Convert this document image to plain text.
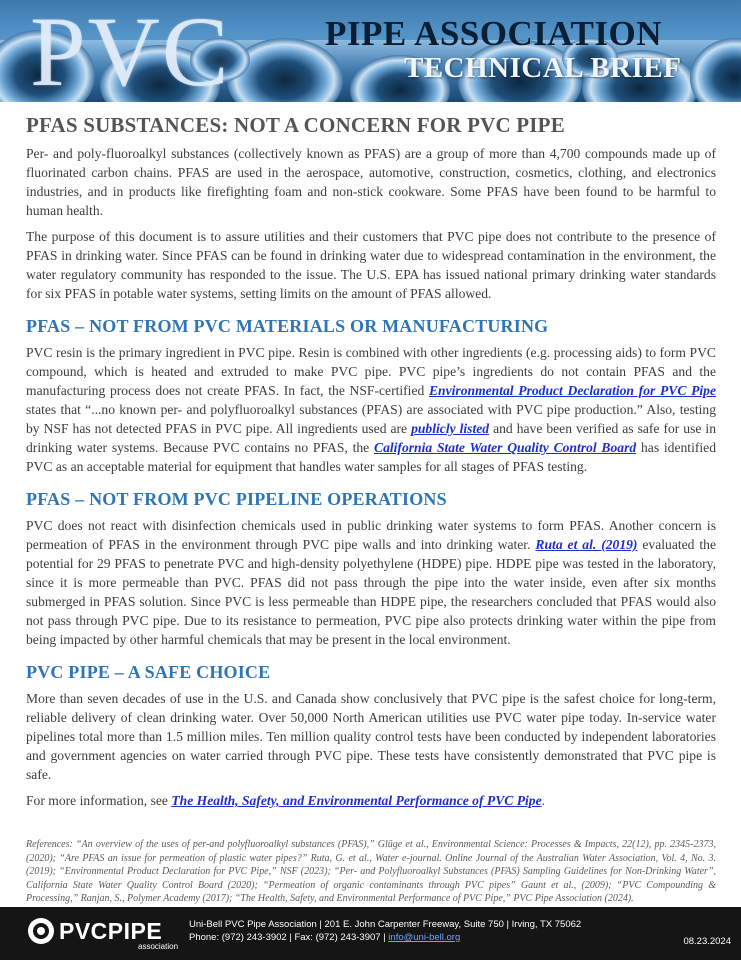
PVC	PIPE ASSOCIATION
TECHNICAL BRIEF
PFAS SUBSTANCES: NOT A CONCERN FOR PVC PIPE

Per- and poly-fluoroalkyl substances (collectively known as PFAS) are a group of more than 4,700 compounds made up of fluorinated carbon chains. PFAS are used in the aerospace, automotive, construction, cosmetics, clothing, and electronics industries, and in products like firefighting foam and non-stick cookware. Some PFAS have been found to be harmful to human health.

The purpose of this document is to assure utilities and their customers that PVC pipe does not contribute to the presence of PFAS in drinking water. Since PFAS can be found in drinking water due to widespread contamination in the environment, the water regulatory community has responded to the issue. The U.S. EPA has issued national primary drinking water standards for six PFAS in potable water systems, setting limits on the amount of PFAS allowed.

PFAS – NOT FROM PVC MATERIALS OR MANUFACTURING

PVC resin is the primary ingredient in PVC pipe. Resin is combined with other ingredients (e.g. processing aids) to form PVC compound, which is heated and extruded to make PVC pipe. PVC pipe’s ingredients do not contain PFAS and the manufacturing process does not create PFAS. In fact, the NSF-certified Environmental Product Declaration for PVC Pipe states that “...no known per- and polyfluoroalkyl substances (PFAS) are associated with PVC pipe production.” Also, testing by NSF has not detected PFAS in PVC pipe. All ingredients used are publicly listed and have been verified as safe for use in drinking water systems. Because PVC contains no PFAS, the California State Water Quality Control Board has identified PVC as an acceptable material for equipment that handles water samples for all stages of PFAS testing.

PFAS – NOT FROM PVC PIPELINE OPERATIONS

PVC does not react with disinfection chemicals used in public drinking water systems to form PFAS. Another concern is permeation of PFAS in the environment through PVC pipe walls and into drinking water. Ruta et al. (2019) evaluated the potential for 29 PFAS to penetrate PVC and high-density polyethylene (HDPE) pipe. HDPE pipe was tested in the laboratory, since it is more permeable than PVC. PFAS did not pass through the pipe into the water inside, even after six months submerged in PFAS solution. Since PVC is less permeable than HDPE pipe, the researchers concluded that PFAS would also not pass through PVC pipe. Due to its resistance to permeation, PVC pipe also protects drinking water within the pipe from being impacted by other harmful chemicals that may be present in the local environment.

PVC PIPE – A SAFE CHOICE

More than seven decades of use in the U.S. and Canada show conclusively that PVC pipe is the safest choice for long-term, reliable delivery of clean drinking water. Over 50,000 North American utilities use PVC water pipe today. In-service water pipelines total more than 1.5 million miles. Ten million quality control tests have been conducted by independent laboratories and government agencies on water carried through PVC pipe. These tests have consistently demonstrated that PVC pipe is safe.

For more information, see The Health, Safety, and Environmental Performance of PVC Pipe.

References: “An overview of the uses of per-and polyfluoroalkyl substances (PFAS),” Glüge et al., Environmental Science: Processes & Impacts, 22(12), pp. 2345-2373, (2020); “Are PFAS an issue for permeation of plastic water pipes?” Ruta, G. et al., Water e-journal. Online Journal of the Australian Water Association, Vol. 4, No. 3. (2019); “Environmental Product Declaration for PVC Pipe,” NSF (2023); “Per- and Polyfluoroalkyl Substances (PFAS) Sampling Guidelines for Non-Drinking Water”, California State Water Quality Control Board (2020); “Permeation of organic contaminants through PVC pipes” Gaunt et al., (2009); “PVC Compounding & Processing,” Ranjan, S., Polymer Academy (2017); “The Health, Safety, and Environmental Performance of PVC Pipe,” PVC Pipe Association (2024).
PVCPIPE
association
Uni-Bell PVC Pipe Association | 201 E. John Carpenter Freeway, Suite 750 | Irving, TX 75062
Phone: (972) 243-3902 | Fax: (972) 243-3907 | info@uni-bell.org	08.23.2024
